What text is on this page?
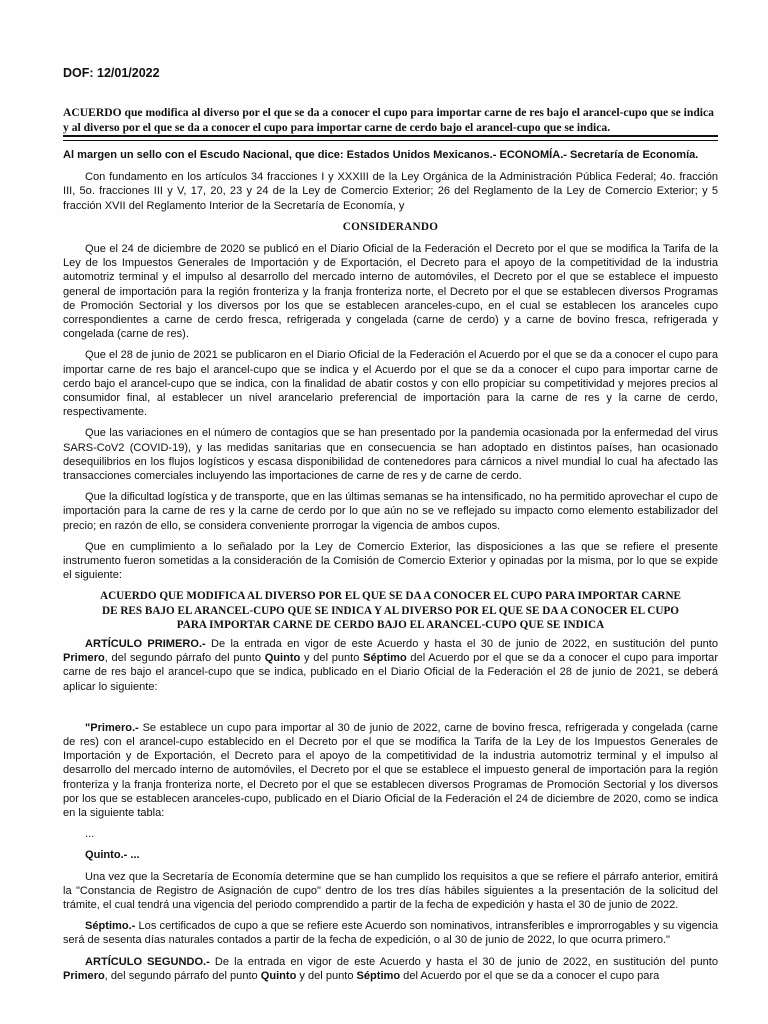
DOF: 12/01/2022
ACUERDO que modifica al diverso por el que se da a conocer el cupo para importar carne de res bajo el arancel-cupo que se indica y al diverso por el que se da a conocer el cupo para importar carne de cerdo bajo el arancel-cupo que se indica.

Al margen un sello con el Escudo Nacional, que dice: Estados Unidos Mexicanos.- ECONOMÍA.- Secretaría de Economía.

Con fundamento en los artículos 34 fracciones I y XXXIII de la Ley Orgánica de la Administración Pública Federal; 4o. fracción III, 5o. fracciones III y V, 17, 20, 23 y 24 de la Ley de Comercio Exterior; 26 del Reglamento de la Ley de Comercio Exterior; y 5 fracción XVII del Reglamento Interior de la Secretaría de Economía, y

CONSIDERANDO

Que el 24 de diciembre de 2020 se publicó en el Diario Oficial de la Federación el Decreto por el que se modifica la Tarifa de la Ley de los Impuestos Generales de Importación y de Exportación, el Decreto para el apoyo de la competitividad de la industria automotriz terminal y el impulso al desarrollo del mercado interno de automóviles, el Decreto por el que se establece el impuesto general de importación para la región fronteriza y la franja fronteriza norte, el Decreto por el que se establecen diversos Programas de Promoción Sectorial y los diversos por los que se establecen aranceles-cupo, en el cual se establecen los aranceles cupo correspondientes a carne de cerdo fresca, refrigerada y congelada (carne de cerdo) y a carne de bovino fresca, refrigerada y congelada (carne de res).

Que el 28 de junio de 2021 se publicaron en el Diario Oficial de la Federación el Acuerdo por el que se da a conocer el cupo para importar carne de res bajo el arancel-cupo que se indica y el Acuerdo por el que se da a conocer el cupo para importar carne de cerdo bajo el arancel-cupo que se indica, con la finalidad de abatir costos y con ello propiciar su competitividad y mejores precios al consumidor final, al establecer un nivel arancelario preferencial de importación para la carne de res y la carne de cerdo, respectivamente.

Que las variaciones en el número de contagios que se han presentado por la pandemia ocasionada por la enfermedad del virus SARS-CoV2 (COVID-19), y las medidas sanitarias que en consecuencia se han adoptado en distintos países, han ocasionado desequilibrios en los flujos logísticos y escasa disponibilidad de contenedores para cárnicos a nivel mundial lo cual ha afectado las transacciones comerciales incluyendo las importaciones de carne de res y de carne de cerdo.

Que la dificultad logística y de transporte, que en las últimas semanas se ha intensificado, no ha permitido aprovechar el cupo de importación para la carne de res y la carne de cerdo por lo que aún no se ve reflejado su impacto como elemento estabilizador del precio; en razón de ello, se considera conveniente prorrogar la vigencia de ambos cupos.

Que en cumplimiento a lo señalado por la Ley de Comercio Exterior, las disposiciones a las que se refiere el presente instrumento fueron sometidas a la consideración de la Comisión de Comercio Exterior y opinadas por la misma, por lo que se expide el siguiente:

ACUERDO QUE MODIFICA AL DIVERSO POR EL QUE SE DA A CONOCER EL CUPO PARA IMPORTAR CARNE DE RES BAJO EL ARANCEL-CUPO QUE SE INDICA Y AL DIVERSO POR EL QUE SE DA A CONOCER EL CUPO PARA IMPORTAR CARNE DE CERDO BAJO EL ARANCEL-CUPO QUE SE INDICA

ARTÍCULO PRIMERO.- De la entrada en vigor de este Acuerdo y hasta el 30 de junio de 2022, en sustitución del punto Primero, del segundo párrafo del punto Quinto y del punto Séptimo del Acuerdo por el que se da a conocer el cupo para importar carne de res bajo el arancel-cupo que se indica, publicado en el Diario Oficial de la Federación el 28 de junio de 2021, se deberá aplicar lo siguiente:

"Primero.- Se establece un cupo para importar al 30 de junio de 2022, carne de bovino fresca, refrigerada y congelada (carne de res) con el arancel-cupo establecido en el Decreto por el que se modifica la Tarifa de la Ley de los Impuestos Generales de Importación y de Exportación, el Decreto para el apoyo de la competitividad de la industria automotriz terminal y el impulso al desarrollo del mercado interno de automóviles, el Decreto por el que se establece el impuesto general de importación para la región fronteriza y la franja fronteriza norte, el Decreto por el que se establecen diversos Programas de Promoción Sectorial y los diversos por los que se establecen aranceles-cupo, publicado en el Diario Oficial de la Federación el 24 de diciembre de 2020, como se indica en la siguiente tabla:

...

Quinto.- ...

Una vez que la Secretaría de Economía determine que se han cumplido los requisitos a que se refiere el párrafo anterior, emitirá la "Constancia de Registro de Asignación de cupo" dentro de los tres días hábiles siguientes a la presentación de la solicitud del trámite, el cual tendrá una vigencia del periodo comprendido a partir de la fecha de expedición y hasta el 30 de junio de 2022.

Séptimo.- Los certificados de cupo a que se refiere este Acuerdo son nominativos, intransferibles e improrrogables y su vigencia será de sesenta días naturales contados a partir de la fecha de expedición, o al 30 de junio de 2022, lo que ocurra primero."

ARTÍCULO SEGUNDO.- De la entrada en vigor de este Acuerdo y hasta el 30 de junio de 2022, en sustitución del punto Primero, del segundo párrafo del punto Quinto y del punto Séptimo del Acuerdo por el que se da a conocer el cupo para
